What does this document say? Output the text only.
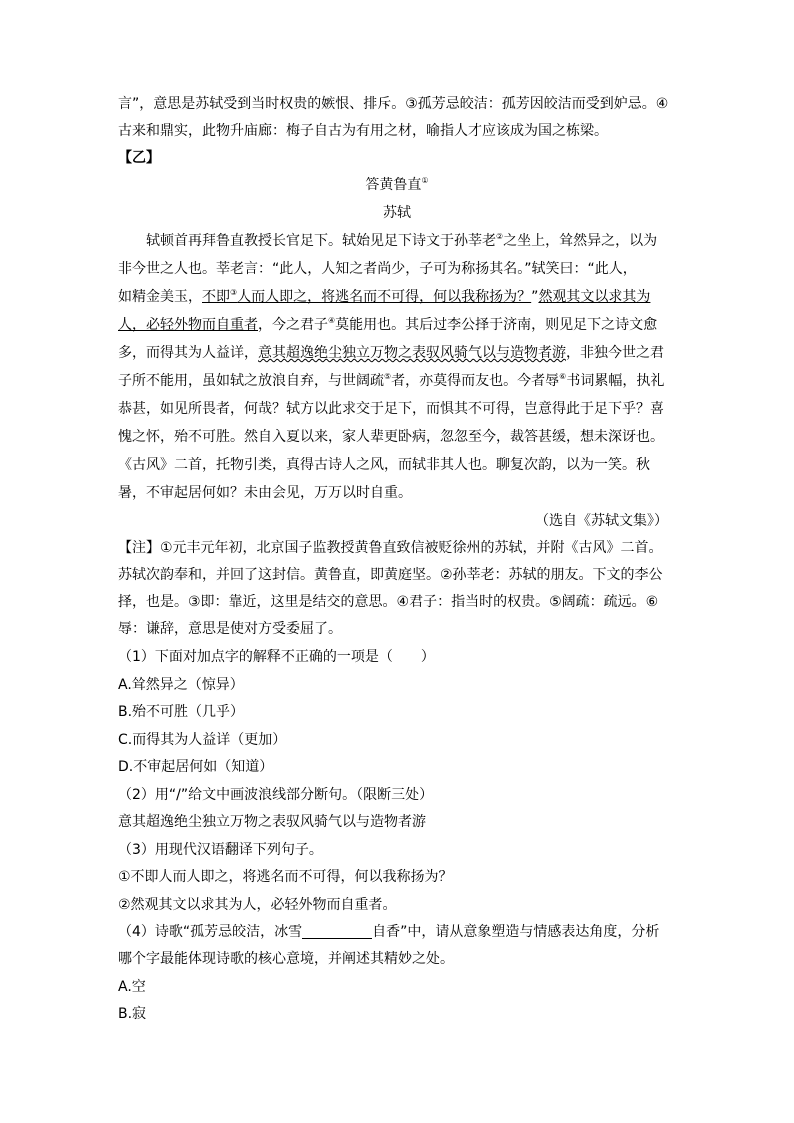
言”，意思是苏轼受到当时权贵的嫉恨、排斥。③孤芳忌皎洁：孤芳因皎洁而受到妒忌。④
古来和鼎实，此物升庙廊：梅子自古为有用之材，喻指人才应该成为国之栋梁。
【乙】
答黄鲁直①
苏轼
轼顿首再拜鲁直教授长官足下。轼始见足下诗文于孙莘老②之坐上，耸然异之，以为
非今世之人也。莘老言：“此人，人知之者尚少，子可为称扬其名。”轼笑曰：“此人，
如精金美玉，不即③人而人即之，将逃名而不可得，何以我称扬为？”然观其文以求其为
人，必轻外物而自重者，今之君子④莫能用也。其后过李公择于济南，则见足下之诗文愈
多，而得其为人益详，意其超逸绝尘独立万物之表驭风骑气以与造物者游，非独今世之君
子所不能用，虽如轼之放浪自弃，与世阔疏⑤者，亦莫得而友也。今者辱⑥书词累幅，执礼
恭甚，如见所畏者，何哉？轼方以此求交于足下，而惧其不可得，岂意得此于足下乎？喜
愧之怀，殆不可胜。然自入夏以来，家人辈更卧病，忽忽至今，裁答甚缓，想未深讶也。
《古风》二首，托物引类，真得古诗人之风，而轼非其人也。聊复次韵，以为一笑。秋
暑，不审起居何如？未由会见，万万以时自重。
（选自《苏轼文集》）
【注】①元丰元年初，北京国子监教授黄鲁直致信被贬徐州的苏轼，并附《古风》二首。
苏轼次韵奉和，并回了这封信。黄鲁直，即黄庭坚。②孙莘老：苏轼的朋友。下文的李公
择，也是。③即：靠近，这里是结交的意思。④君子：指当时的权贵。⑤阔疏：疏远。⑥
辱：谦辞，意思是使对方受委屈了。
（1）下面对加点字的解释不正确的一项是（　　）
A.耸然异之（惊异）
B.殆不可胜（几乎）
C.而得其为人益详（更加）
D.不审起居何如（知道）
（2）用“/”给文中画波浪线部分断句。（限断三处）
意其超逸绝尘独立万物之表驭风骑气以与造物者游
（3）用现代汉语翻译下列句子。
①不即人而人即之，将逃名而不可得，何以我称扬为？
②然观其文以求其为人，必轻外物而自重者。
（4）诗歌“孤芳忌皎洁，冰雪	自香”中，请从意象塑造与情感表达角度，分析
哪个字最能体现诗歌的核心意境，并阐述其精妙之处。
A.空
B.寂
